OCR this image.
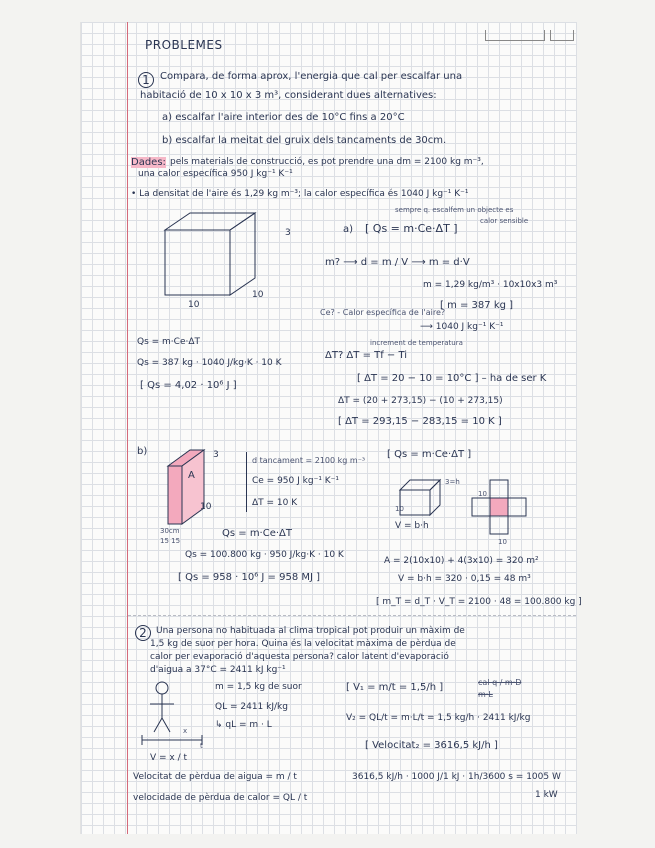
PROBLEMES
1	Compara, de forma aprox, l'energia que cal per escalfar una
habitació de 10 x 10 x 3 m³, considerant dues alternatives:
a) escalfar l'aire interior des de 10°C fins a 20°C
b) escalfar la meitat del gruix dels tancaments de 30cm.
Dades: pels materials de construcció, es pot prendre una dm = 2100 kg m⁻³,
una calor específica 950 J kg⁻¹ K⁻¹
• La densitat de l'aire és 1,29 kg m⁻³; la calor específica és 1040 J kg⁻¹ K⁻¹
sempre q. escalfem un objecte es
calor sensible
3
10
10
a) [ Qs = m·Ce·ΔT ]
m? ⟶ d = m / V ⟶ m = d·V
m = 1,29 kg/m³ · 10x10x3 m³
[ m = 387 kg ]
Ce? - Calor específica de l'aire?
⟶ 1040 J kg⁻¹ K⁻¹
increment de temperatura
ΔT? ΔT = Tf − Ti
[ ΔT = 20 − 10 = 10°C ] – ha de ser K
ΔT = (20 + 273,15) − (10 + 273,15)
[ ΔT = 293,15 − 283,15 = 10 K ]
Qs = m·Ce·ΔT
Qs = 387 kg · 1040 J/kg·K · 10 K
[ Qs = 4,02 · 10⁶ J ]
b)
A
3
10
30cm
15 15
d tancament = 2100 kg m⁻³
Ce = 950 J kg⁻¹ K⁻¹
ΔT = 10 K
[ Qs = m·Ce·ΔT ]
3=h
10
10
10
V = b·h
Qs = m·Ce·ΔT
Qs = 100.800 kg · 950 J/kg·K · 10 K
[ Qs = 958 · 10⁶ J = 958 MJ ]
A = 2(10x10) + 4(3x10) = 320 m²
V = b·h = 320 · 0,15 = 48 m³
[ m_T = d_T · V_T = 2100 · 48 = 100.800 kg ]
2	Una persona no habituada al clima tropical pot produir un màxim de
1,5 kg de suor per hora. Quina és la velocitat màxima de pèrdua de
calor per evaporació d'aquesta persona? calor latent d'evaporació
d'aigua a 37°C = 2411 kJ kg⁻¹
x
t
V = x / t
m = 1,5 kg de suor
QL = 2411 kJ/kg
↳ qL = m · L
[ V₁ = m/t = 1,5/h ]	cal q / m·D
m·L
V₂ = QL/t = m·L/t = 1,5 kg/h · 2411 kJ/kg
[ Velocitat₂ = 3616,5 kJ/h ]
Velocitat de pèrdua de aigua = m / t
velocidade de pèrdua de calor = QL / t
3616,5 kJ/h · 1000 J/1 kJ · 1h/3600 s = 1005 W
1 kW
